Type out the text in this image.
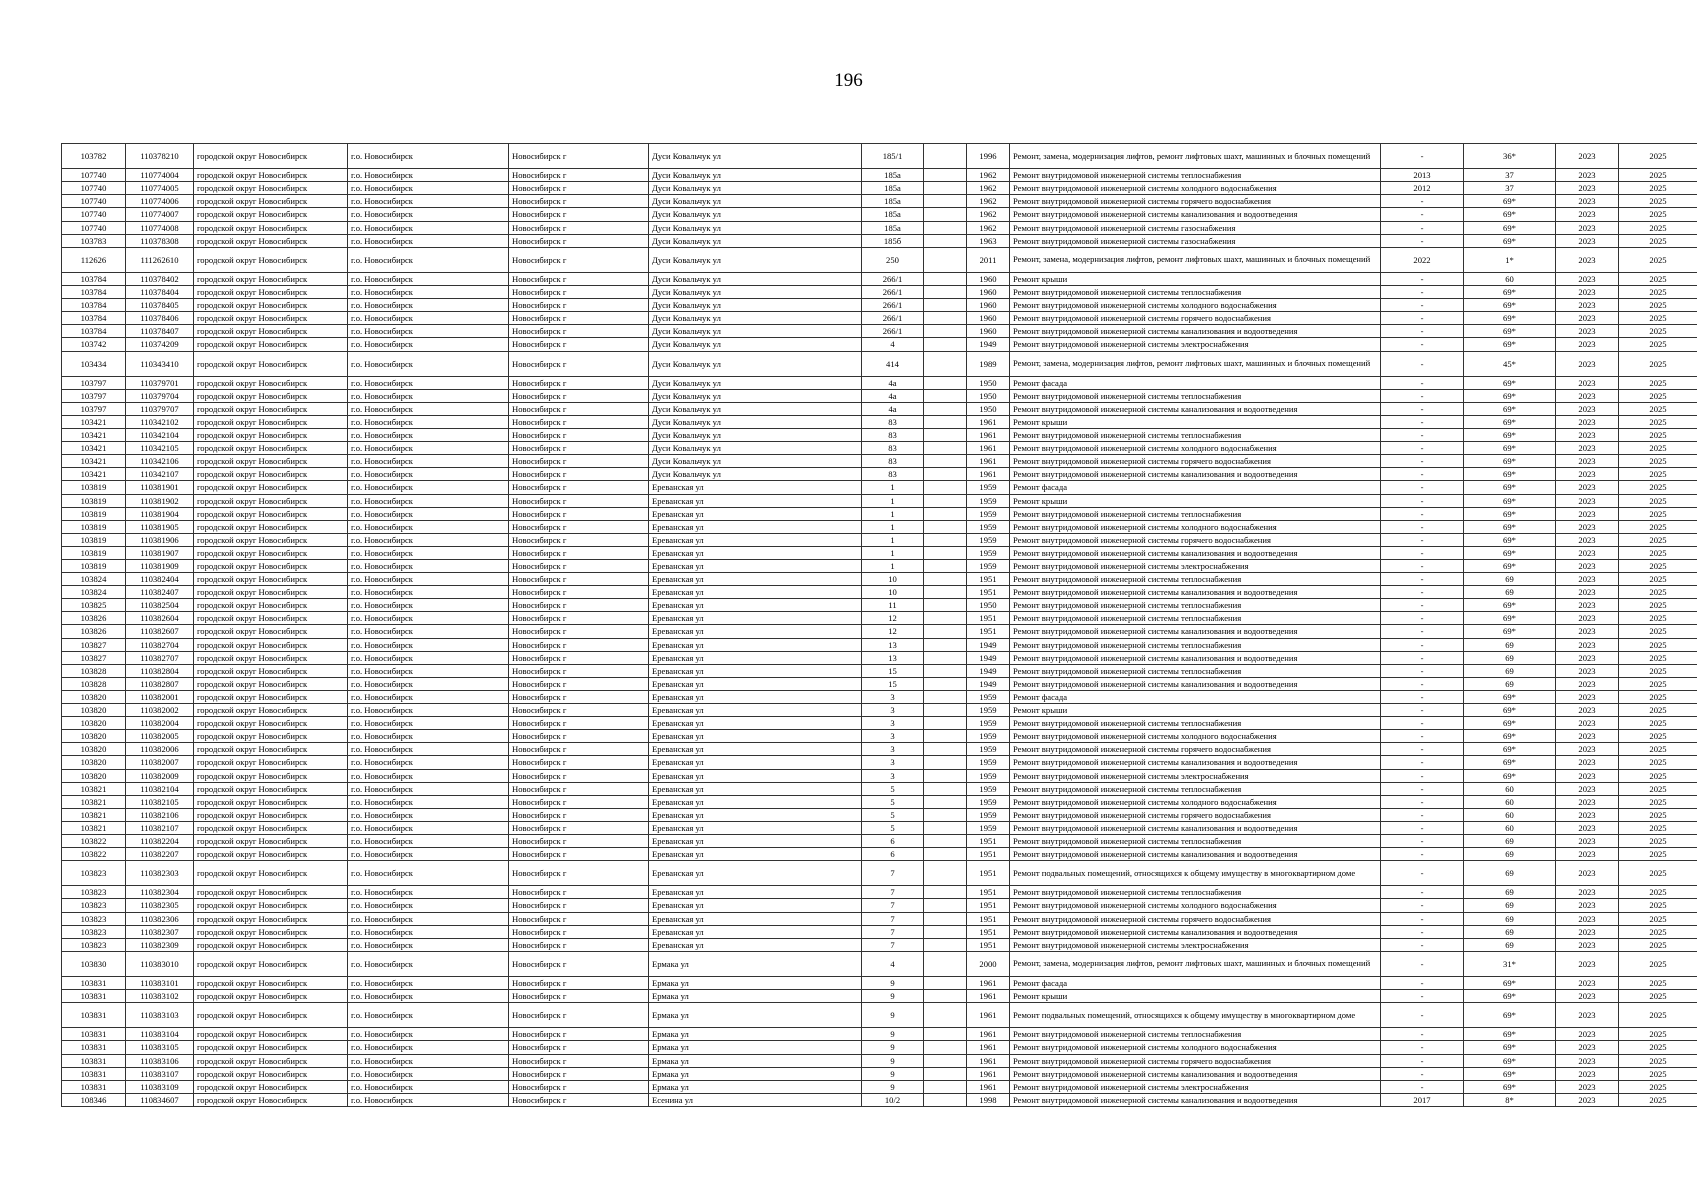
196
103782	110378210	городской округ Новосибирск	г.о. Новосибирск	Новосибирск г	Дуси Ковальчук ул	185/1		1996	Ремонт, замена, модернизация лифтов, ремонт лифтовых шахт, машинных и блочных помещений	-	36*	2023	2025
107740	110774004	городской округ Новосибирск	г.о. Новосибирск	Новосибирск г	Дуси Ковальчук ул	185а		1962	Ремонт внутридомовой инженерной системы теплоснабжения	2013	37	2023	2025
107740	110774005	городской округ Новосибирск	г.о. Новосибирск	Новосибирск г	Дуси Ковальчук ул	185а		1962	Ремонт внутридомовой инженерной системы холодного водоснабжения	2012	37	2023	2025
107740	110774006	городской округ Новосибирск	г.о. Новосибирск	Новосибирск г	Дуси Ковальчук ул	185а		1962	Ремонт внутридомовой инженерной системы горячего водоснабжения	-	69*	2023	2025
107740	110774007	городской округ Новосибирск	г.о. Новосибирск	Новосибирск г	Дуси Ковальчук ул	185а		1962	Ремонт внутридомовой инженерной системы канализования и водоотведения	-	69*	2023	2025
107740	110774008	городской округ Новосибирск	г.о. Новосибирск	Новосибирск г	Дуси Ковальчук ул	185а		1962	Ремонт внутридомовой инженерной системы газоснабжения	-	69*	2023	2025
103783	110378308	городской округ Новосибирск	г.о. Новосибирск	Новосибирск г	Дуси Ковальчук ул	185б		1963	Ремонт внутридомовой инженерной системы газоснабжения	-	69*	2023	2025
112626	111262610	городской округ Новосибирск	г.о. Новосибирск	Новосибирск г	Дуси Ковальчук ул	250		2011	Ремонт, замена, модернизация лифтов, ремонт лифтовых шахт, машинных и блочных помещений	2022	1*	2023	2025
103784	110378402	городской округ Новосибирск	г.о. Новосибирск	Новосибирск г	Дуси Ковальчук ул	266/1		1960	Ремонт крыши	-	60	2023	2025
103784	110378404	городской округ Новосибирск	г.о. Новосибирск	Новосибирск г	Дуси Ковальчук ул	266/1		1960	Ремонт внутридомовой инженерной системы теплоснабжения	-	69*	2023	2025
103784	110378405	городской округ Новосибирск	г.о. Новосибирск	Новосибирск г	Дуси Ковальчук ул	266/1		1960	Ремонт внутридомовой инженерной системы холодного водоснабжения	-	69*	2023	2025
103784	110378406	городской округ Новосибирск	г.о. Новосибирск	Новосибирск г	Дуси Ковальчук ул	266/1		1960	Ремонт внутридомовой инженерной системы горячего водоснабжения	-	69*	2023	2025
103784	110378407	городской округ Новосибирск	г.о. Новосибирск	Новосибирск г	Дуси Ковальчук ул	266/1		1960	Ремонт внутридомовой инженерной системы канализования и водоотведения	-	69*	2023	2025
103742	110374209	городской округ Новосибирск	г.о. Новосибирск	Новосибирск г	Дуси Ковальчук ул	4		1949	Ремонт внутридомовой инженерной системы электроснабжения	-	69*	2023	2025
103434	110343410	городской округ Новосибирск	г.о. Новосибирск	Новосибирск г	Дуси Ковальчук ул	414		1989	Ремонт, замена, модернизация лифтов, ремонт лифтовых шахт, машинных и блочных помещений	-	45*	2023	2025
103797	110379701	городской округ Новосибирск	г.о. Новосибирск	Новосибирск г	Дуси Ковальчук ул	4а		1950	Ремонт фасада	-	69*	2023	2025
103797	110379704	городской округ Новосибирск	г.о. Новосибирск	Новосибирск г	Дуси Ковальчук ул	4а		1950	Ремонт внутридомовой инженерной системы теплоснабжения	-	69*	2023	2025
103797	110379707	городской округ Новосибирск	г.о. Новосибирск	Новосибирск г	Дуси Ковальчук ул	4а		1950	Ремонт внутридомовой инженерной системы канализования и водоотведения	-	69*	2023	2025
103421	110342102	городской округ Новосибирск	г.о. Новосибирск	Новосибирск г	Дуси Ковальчук ул	83		1961	Ремонт крыши	-	69*	2023	2025
103421	110342104	городской округ Новосибирск	г.о. Новосибирск	Новосибирск г	Дуси Ковальчук ул	83		1961	Ремонт внутридомовой инженерной системы теплоснабжения	-	69*	2023	2025
103421	110342105	городской округ Новосибирск	г.о. Новосибирск	Новосибирск г	Дуси Ковальчук ул	83		1961	Ремонт внутридомовой инженерной системы холодного водоснабжения	-	69*	2023	2025
103421	110342106	городской округ Новосибирск	г.о. Новосибирск	Новосибирск г	Дуси Ковальчук ул	83		1961	Ремонт внутридомовой инженерной системы горячего водоснабжения	-	69*	2023	2025
103421	110342107	городской округ Новосибирск	г.о. Новосибирск	Новосибирск г	Дуси Ковальчук ул	83		1961	Ремонт внутридомовой инженерной системы канализования и водоотведения	-	69*	2023	2025
103819	110381901	городской округ Новосибирск	г.о. Новосибирск	Новосибирск г	Ереванская ул	1		1959	Ремонт фасада	-	69*	2023	2025
103819	110381902	городской округ Новосибирск	г.о. Новосибирск	Новосибирск г	Ереванская ул	1		1959	Ремонт крыши	-	69*	2023	2025
103819	110381904	городской округ Новосибирск	г.о. Новосибирск	Новосибирск г	Ереванская ул	1		1959	Ремонт внутридомовой инженерной системы теплоснабжения	-	69*	2023	2025
103819	110381905	городской округ Новосибирск	г.о. Новосибирск	Новосибирск г	Ереванская ул	1		1959	Ремонт внутридомовой инженерной системы холодного водоснабжения	-	69*	2023	2025
103819	110381906	городской округ Новосибирск	г.о. Новосибирск	Новосибирск г	Ереванская ул	1		1959	Ремонт внутридомовой инженерной системы горячего водоснабжения	-	69*	2023	2025
103819	110381907	городской округ Новосибирск	г.о. Новосибирск	Новосибирск г	Ереванская ул	1		1959	Ремонт внутридомовой инженерной системы канализования и водоотведения	-	69*	2023	2025
103819	110381909	городской округ Новосибирск	г.о. Новосибирск	Новосибирск г	Ереванская ул	1		1959	Ремонт внутридомовой инженерной системы электроснабжения	-	69*	2023	2025
103824	110382404	городской округ Новосибирск	г.о. Новосибирск	Новосибирск г	Ереванская ул	10		1951	Ремонт внутридомовой инженерной системы теплоснабжения	-	69	2023	2025
103824	110382407	городской округ Новосибирск	г.о. Новосибирск	Новосибирск г	Ереванская ул	10		1951	Ремонт внутридомовой инженерной системы канализования и водоотведения	-	69	2023	2025
103825	110382504	городской округ Новосибирск	г.о. Новосибирск	Новосибирск г	Ереванская ул	11		1950	Ремонт внутридомовой инженерной системы теплоснабжения	-	69*	2023	2025
103826	110382604	городской округ Новосибирск	г.о. Новосибирск	Новосибирск г	Ереванская ул	12		1951	Ремонт внутридомовой инженерной системы теплоснабжения	-	69*	2023	2025
103826	110382607	городской округ Новосибирск	г.о. Новосибирск	Новосибирск г	Ереванская ул	12		1951	Ремонт внутридомовой инженерной системы канализования и водоотведения	-	69*	2023	2025
103827	110382704	городской округ Новосибирск	г.о. Новосибирск	Новосибирск г	Ереванская ул	13		1949	Ремонт внутридомовой инженерной системы теплоснабжения	-	69	2023	2025
103827	110382707	городской округ Новосибирск	г.о. Новосибирск	Новосибирск г	Ереванская ул	13		1949	Ремонт внутридомовой инженерной системы канализования и водоотведения	-	69	2023	2025
103828	110382804	городской округ Новосибирск	г.о. Новосибирск	Новосибирск г	Ереванская ул	15		1949	Ремонт внутридомовой инженерной системы теплоснабжения	-	69	2023	2025
103828	110382807	городской округ Новосибирск	г.о. Новосибирск	Новосибирск г	Ереванская ул	15		1949	Ремонт внутридомовой инженерной системы канализования и водоотведения	-	69	2023	2025
103820	110382001	городской округ Новосибирск	г.о. Новосибирск	Новосибирск г	Ереванская ул	3		1959	Ремонт фасада	-	69*	2023	2025
103820	110382002	городской округ Новосибирск	г.о. Новосибирск	Новосибирск г	Ереванская ул	3		1959	Ремонт крыши	-	69*	2023	2025
103820	110382004	городской округ Новосибирск	г.о. Новосибирск	Новосибирск г	Ереванская ул	3		1959	Ремонт внутридомовой инженерной системы теплоснабжения	-	69*	2023	2025
103820	110382005	городской округ Новосибирск	г.о. Новосибирск	Новосибирск г	Ереванская ул	3		1959	Ремонт внутридомовой инженерной системы холодного водоснабжения	-	69*	2023	2025
103820	110382006	городской округ Новосибирск	г.о. Новосибирск	Новосибирск г	Ереванская ул	3		1959	Ремонт внутридомовой инженерной системы горячего водоснабжения	-	69*	2023	2025
103820	110382007	городской округ Новосибирск	г.о. Новосибирск	Новосибирск г	Ереванская ул	3		1959	Ремонт внутридомовой инженерной системы канализования и водоотведения	-	69*	2023	2025
103820	110382009	городской округ Новосибирск	г.о. Новосибирск	Новосибирск г	Ереванская ул	3		1959	Ремонт внутридомовой инженерной системы электроснабжения	-	69*	2023	2025
103821	110382104	городской округ Новосибирск	г.о. Новосибирск	Новосибирск г	Ереванская ул	5		1959	Ремонт внутридомовой инженерной системы теплоснабжения	-	60	2023	2025
103821	110382105	городской округ Новосибирск	г.о. Новосибирск	Новосибирск г	Ереванская ул	5		1959	Ремонт внутридомовой инженерной системы холодного водоснабжения	-	60	2023	2025
103821	110382106	городской округ Новосибирск	г.о. Новосибирск	Новосибирск г	Ереванская ул	5		1959	Ремонт внутридомовой инженерной системы горячего водоснабжения	-	60	2023	2025
103821	110382107	городской округ Новосибирск	г.о. Новосибирск	Новосибирск г	Ереванская ул	5		1959	Ремонт внутридомовой инженерной системы канализования и водоотведения	-	60	2023	2025
103822	110382204	городской округ Новосибирск	г.о. Новосибирск	Новосибирск г	Ереванская ул	6		1951	Ремонт внутридомовой инженерной системы теплоснабжения	-	69	2023	2025
103822	110382207	городской округ Новосибирск	г.о. Новосибирск	Новосибирск г	Ереванская ул	6		1951	Ремонт внутридомовой инженерной системы канализования и водоотведения	-	69	2023	2025
103823	110382303	городской округ Новосибирск	г.о. Новосибирск	Новосибирск г	Ереванская ул	7		1951	Ремонт подвальных помещений, относящихся к общему имуществу в многоквартирном доме	-	69	2023	2025
103823	110382304	городской округ Новосибирск	г.о. Новосибирск	Новосибирск г	Ереванская ул	7		1951	Ремонт внутридомовой инженерной системы теплоснабжения	-	69	2023	2025
103823	110382305	городской округ Новосибирск	г.о. Новосибирск	Новосибирск г	Ереванская ул	7		1951	Ремонт внутридомовой инженерной системы холодного водоснабжения	-	69	2023	2025
103823	110382306	городской округ Новосибирск	г.о. Новосибирск	Новосибирск г	Ереванская ул	7		1951	Ремонт внутридомовой инженерной системы горячего водоснабжения	-	69	2023	2025
103823	110382307	городской округ Новосибирск	г.о. Новосибирск	Новосибирск г	Ереванская ул	7		1951	Ремонт внутридомовой инженерной системы канализования и водоотведения	-	69	2023	2025
103823	110382309	городской округ Новосибирск	г.о. Новосибирск	Новосибирск г	Ереванская ул	7		1951	Ремонт внутридомовой инженерной системы электроснабжения	-	69	2023	2025
103830	110383010	городской округ Новосибирск	г.о. Новосибирск	Новосибирск г	Ермака ул	4		2000	Ремонт, замена, модернизация лифтов, ремонт лифтовых шахт, машинных и блочных помещений	-	31*	2023	2025
103831	110383101	городской округ Новосибирск	г.о. Новосибирск	Новосибирск г	Ермака ул	9		1961	Ремонт фасада	-	69*	2023	2025
103831	110383102	городской округ Новосибирск	г.о. Новосибирск	Новосибирск г	Ермака ул	9		1961	Ремонт крыши	-	69*	2023	2025
103831	110383103	городской округ Новосибирск	г.о. Новосибирск	Новосибирск г	Ермака ул	9		1961	Ремонт подвальных помещений, относящихся к общему имуществу в многоквартирном доме	-	69*	2023	2025
103831	110383104	городской округ Новосибирск	г.о. Новосибирск	Новосибирск г	Ермака ул	9		1961	Ремонт внутридомовой инженерной системы теплоснабжения	-	69*	2023	2025
103831	110383105	городской округ Новосибирск	г.о. Новосибирск	Новосибирск г	Ермака ул	9		1961	Ремонт внутридомовой инженерной системы холодного водоснабжения	-	69*	2023	2025
103831	110383106	городской округ Новосибирск	г.о. Новосибирск	Новосибирск г	Ермака ул	9		1961	Ремонт внутридомовой инженерной системы горячего водоснабжения	-	69*	2023	2025
103831	110383107	городской округ Новосибирск	г.о. Новосибирск	Новосибирск г	Ермака ул	9		1961	Ремонт внутридомовой инженерной системы канализования и водоотведения	-	69*	2023	2025
103831	110383109	городской округ Новосибирск	г.о. Новосибирск	Новосибирск г	Ермака ул	9		1961	Ремонт внутридомовой инженерной системы электроснабжения	-	69*	2023	2025
108346	110834607	городской округ Новосибирск	г.о. Новосибирск	Новосибирск г	Есенина ул	10/2		1998	Ремонт внутридомовой инженерной системы канализования и водоотведения	2017	8*	2023	2025
